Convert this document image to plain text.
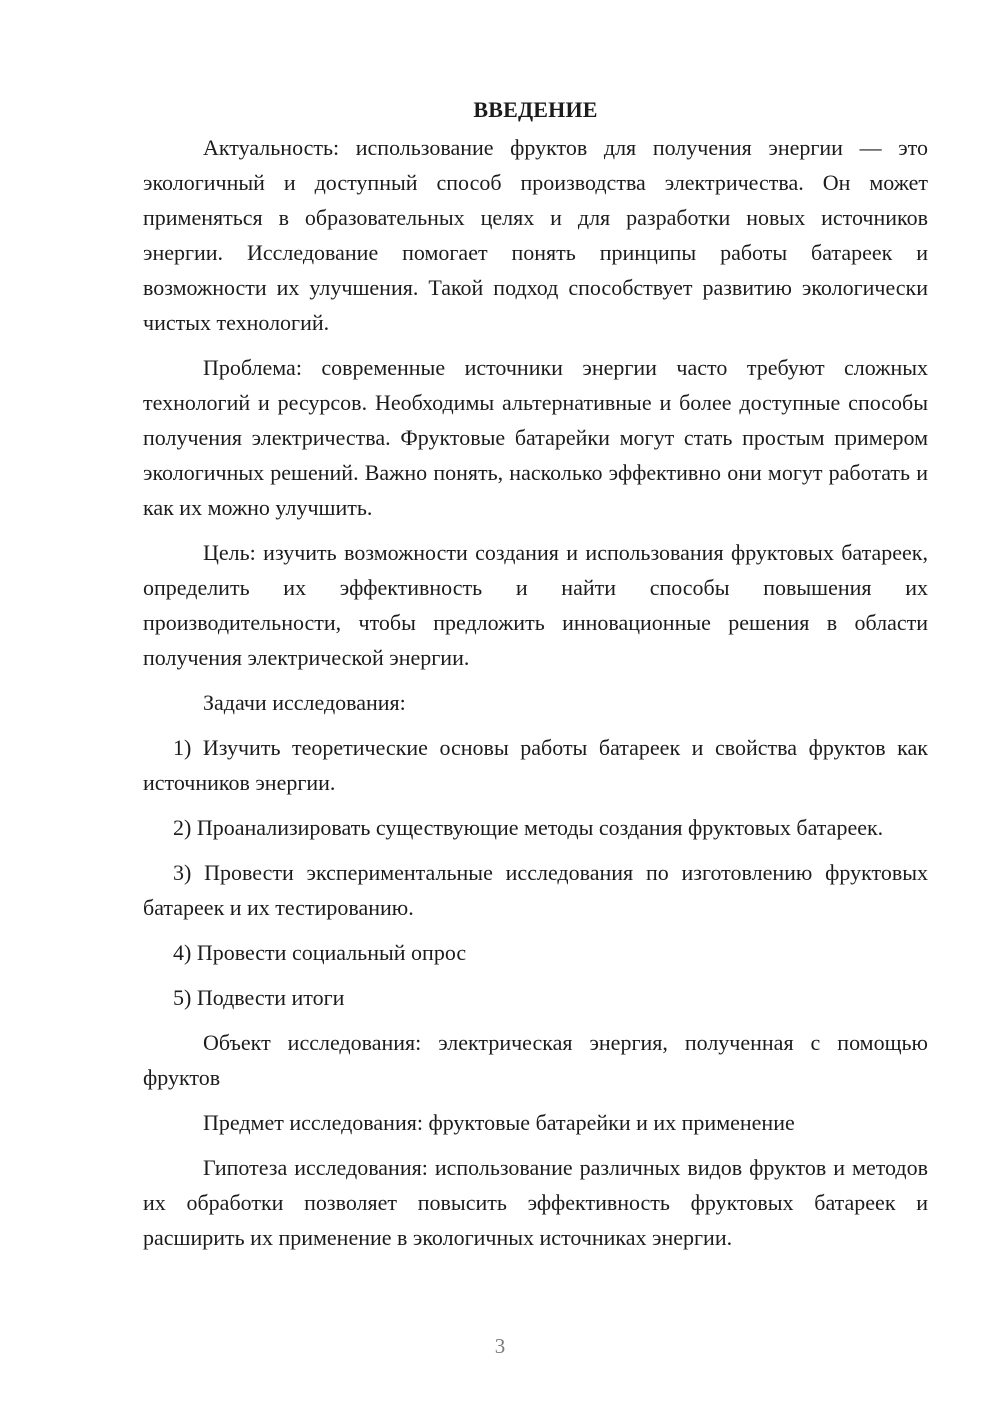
ВВЕДЕНИЕ

Актуальность: использование фруктов для получения энергии — это экологичный и доступный способ производства электричества. Он может применяться в образовательных целях и для разработки новых источников энергии. Исследование помогает понять принципы работы батареек и возможности их улучшения. Такой подход способствует развитию экологически чистых технологий.

Проблема: современные источники энергии часто требуют сложных технологий и ресурсов. Необходимы альтернативные и более доступные способы получения электричества. Фруктовые батарейки могут стать простым примером экологичных решений. Важно понять, насколько эффективно они могут работать и как их можно улучшить.

Цель: изучить возможности создания и использования фруктовых батареек, определить их эффективность и найти способы повышения их производительности, чтобы предложить инновационные решения в области получения электрической энергии.

Задачи исследования:

1) Изучить теоретические основы работы батареек и свойства фруктов как источников энергии.

2) Проанализировать существующие методы создания фруктовых батареек.

3) Провести экспериментальные исследования по изготовлению фруктовых батареек и их тестированию.

4) Провести социальный опрос

5) Подвести итоги

Объект исследования: электрическая энергия, полученная с помощью фруктов

Предмет исследования: фруктовые батарейки и их применение

Гипотеза исследования: использование различных видов фруктов и методов их обработки позволяет повысить эффективность фруктовых батареек и расширить их применение в экологичных источниках энергии.

3
